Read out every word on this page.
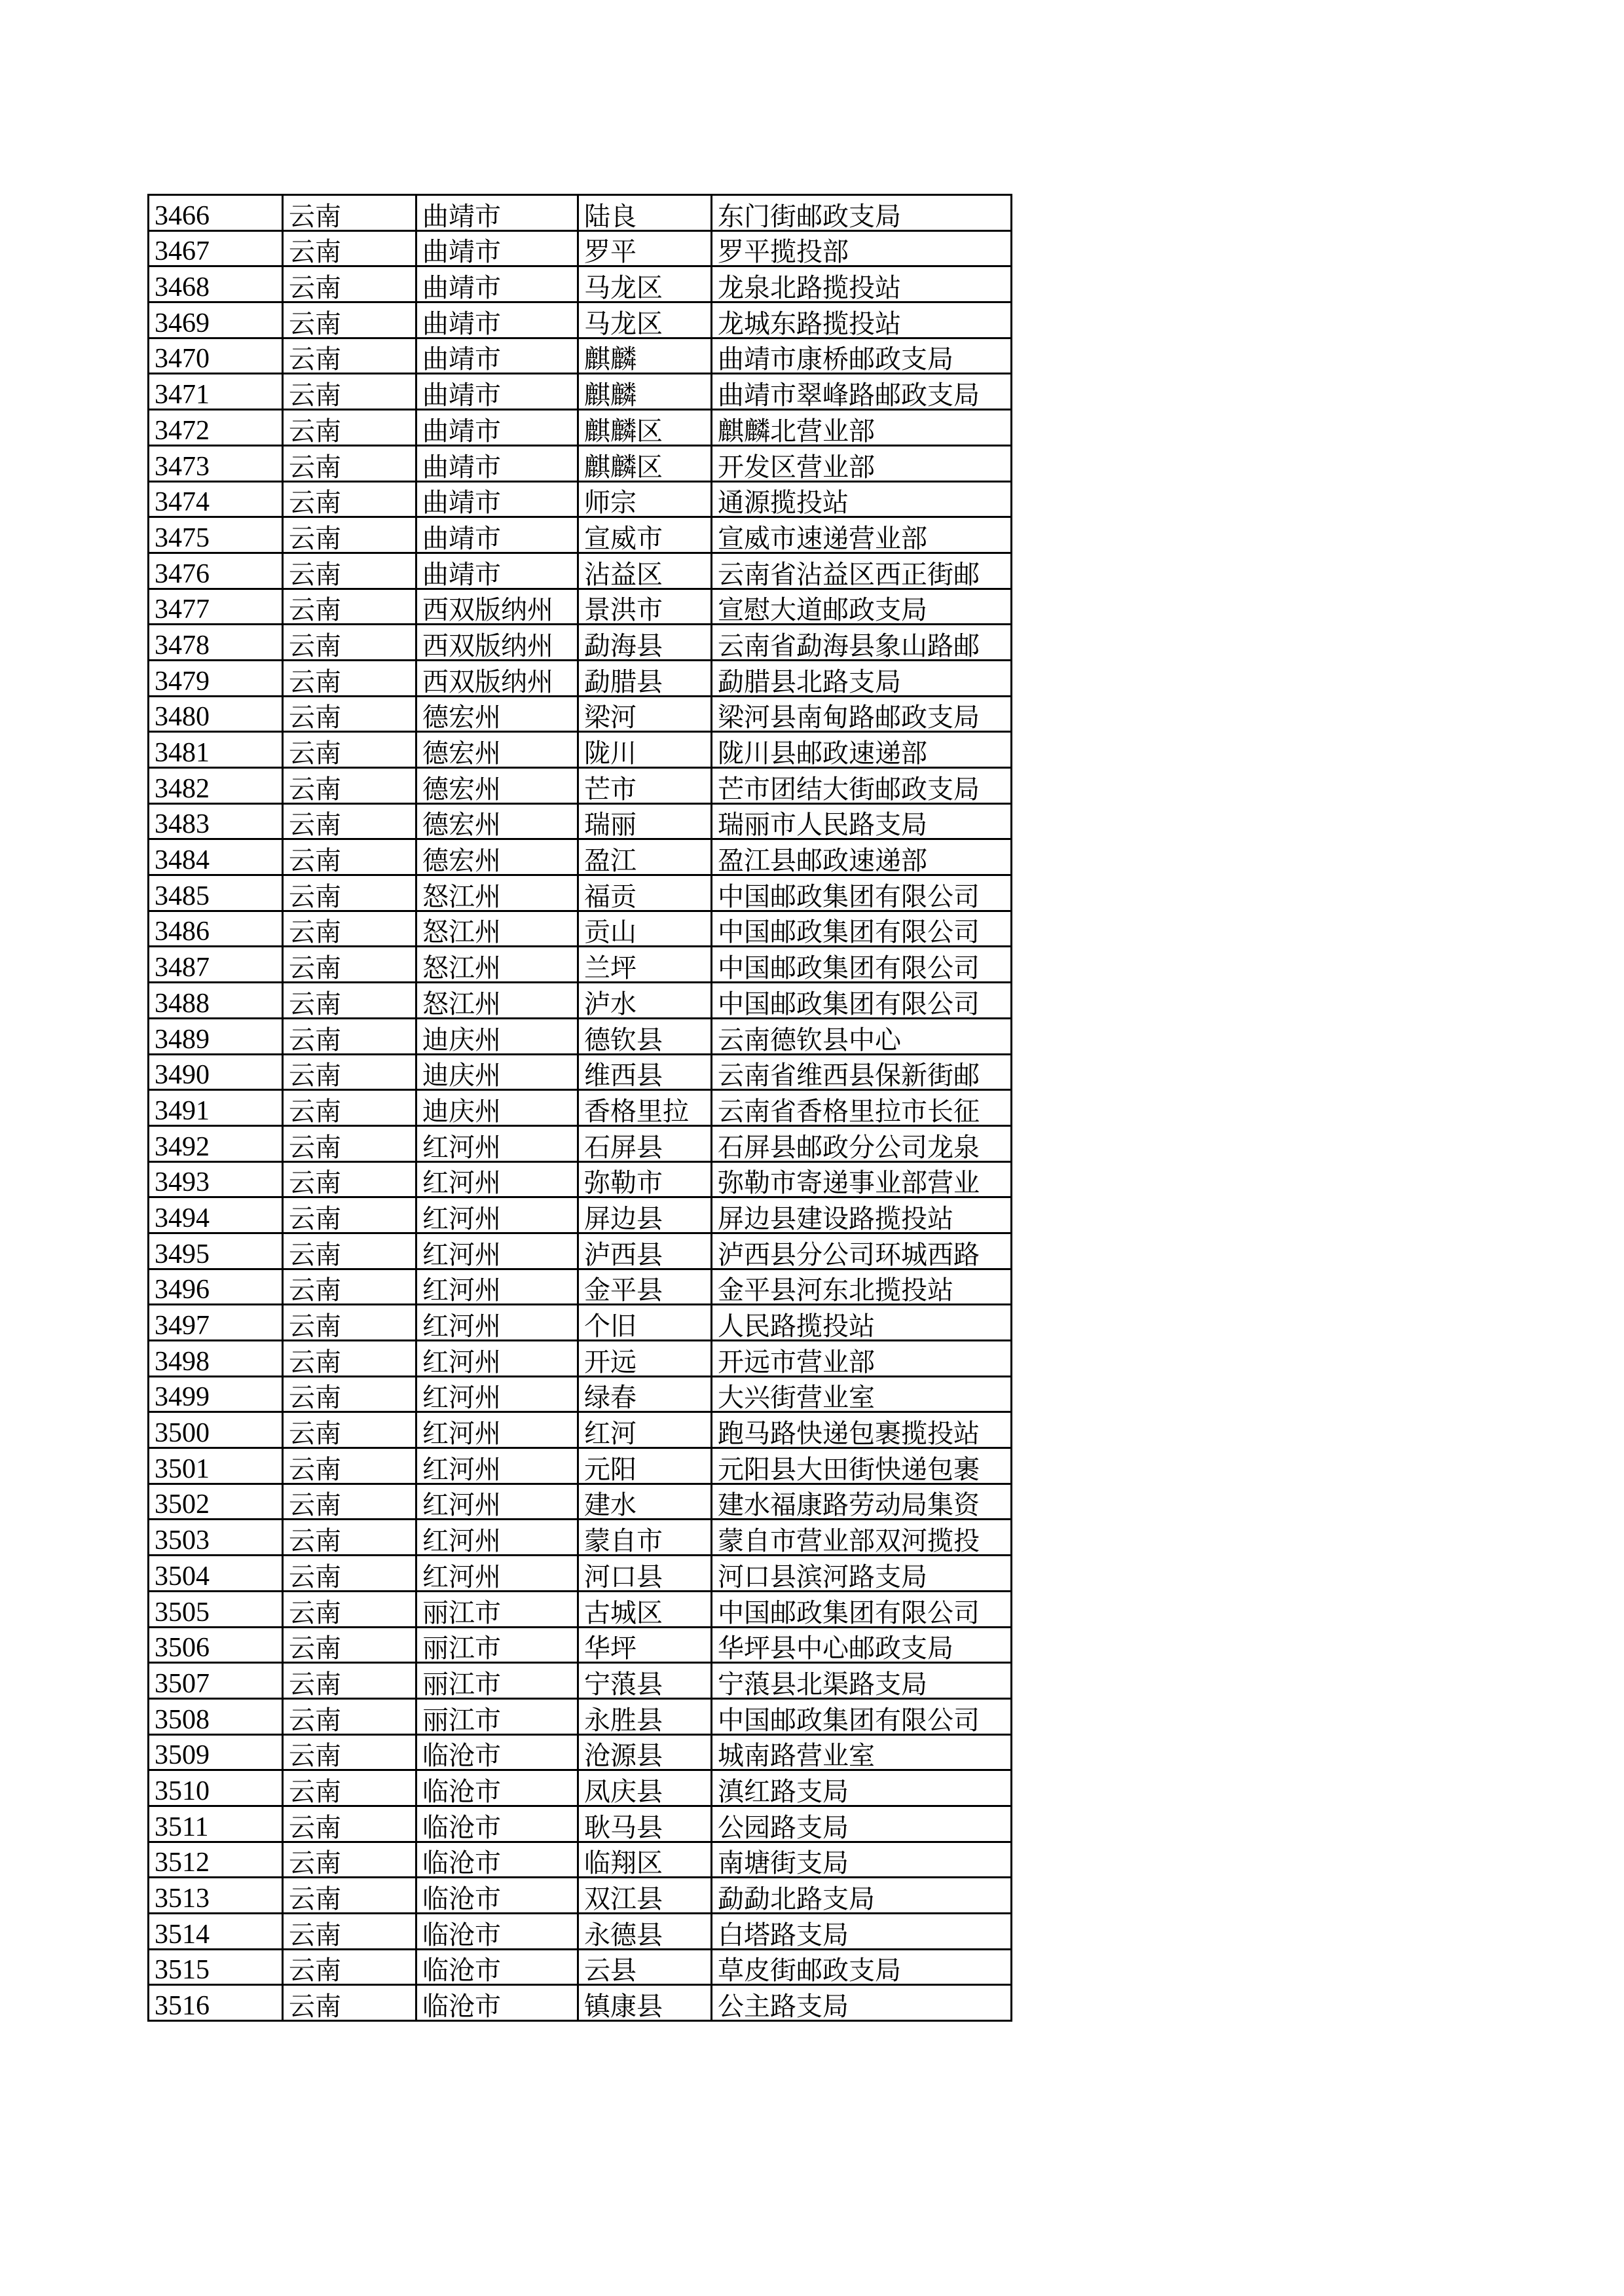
3466	云南	曲靖市	陆良	东门街邮政支局
3467	云南	曲靖市	罗平	罗平揽投部
3468	云南	曲靖市	马龙区	龙泉北路揽投站
3469	云南	曲靖市	马龙区	龙城东路揽投站
3470	云南	曲靖市	麒麟	曲靖市康桥邮政支局
3471	云南	曲靖市	麒麟	曲靖市翠峰路邮政支局
3472	云南	曲靖市	麒麟区	麒麟北营业部
3473	云南	曲靖市	麒麟区	开发区营业部
3474	云南	曲靖市	师宗	通源揽投站
3475	云南	曲靖市	宣威市	宣威市速递营业部
3476	云南	曲靖市	沾益区	云南省沾益区西正街邮
3477	云南	西双版纳州	景洪市	宣慰大道邮政支局
3478	云南	西双版纳州	勐海县	云南省勐海县象山路邮
3479	云南	西双版纳州	勐腊县	勐腊县北路支局
3480	云南	德宏州	梁河	梁河县南甸路邮政支局
3481	云南	德宏州	陇川	陇川县邮政速递部
3482	云南	德宏州	芒市	芒市团结大街邮政支局
3483	云南	德宏州	瑞丽	瑞丽市人民路支局
3484	云南	德宏州	盈江	盈江县邮政速递部
3485	云南	怒江州	福贡	中国邮政集团有限公司
3486	云南	怒江州	贡山	中国邮政集团有限公司
3487	云南	怒江州	兰坪	中国邮政集团有限公司
3488	云南	怒江州	泸水	中国邮政集团有限公司
3489	云南	迪庆州	德钦县	云南德钦县中心
3490	云南	迪庆州	维西县	云南省维西县保新街邮
3491	云南	迪庆州	香格里拉	云南省香格里拉市长征
3492	云南	红河州	石屏县	石屏县邮政分公司龙泉
3493	云南	红河州	弥勒市	弥勒市寄递事业部营业
3494	云南	红河州	屏边县	屏边县建设路揽投站
3495	云南	红河州	泸西县	泸西县分公司环城西路
3496	云南	红河州	金平县	金平县河东北揽投站
3497	云南	红河州	个旧	人民路揽投站
3498	云南	红河州	开远	开远市营业部
3499	云南	红河州	绿春	大兴街营业室
3500	云南	红河州	红河	跑马路快递包裹揽投站
3501	云南	红河州	元阳	元阳县大田街快递包裹
3502	云南	红河州	建水	建水福康路劳动局集资
3503	云南	红河州	蒙自市	蒙自市营业部双河揽投
3504	云南	红河州	河口县	河口县滨河路支局
3505	云南	丽江市	古城区	中国邮政集团有限公司
3506	云南	丽江市	华坪	华坪县中心邮政支局
3507	云南	丽江市	宁蒗县	宁蒗县北渠路支局
3508	云南	丽江市	永胜县	中国邮政集团有限公司
3509	云南	临沧市	沧源县	城南路营业室
3510	云南	临沧市	凤庆县	滇红路支局
3511	云南	临沧市	耿马县	公园路支局
3512	云南	临沧市	临翔区	南塘街支局
3513	云南	临沧市	双江县	勐勐北路支局
3514	云南	临沧市	永德县	白塔路支局
3515	云南	临沧市	云县	草皮街邮政支局
3516	云南	临沧市	镇康县	公主路支局
